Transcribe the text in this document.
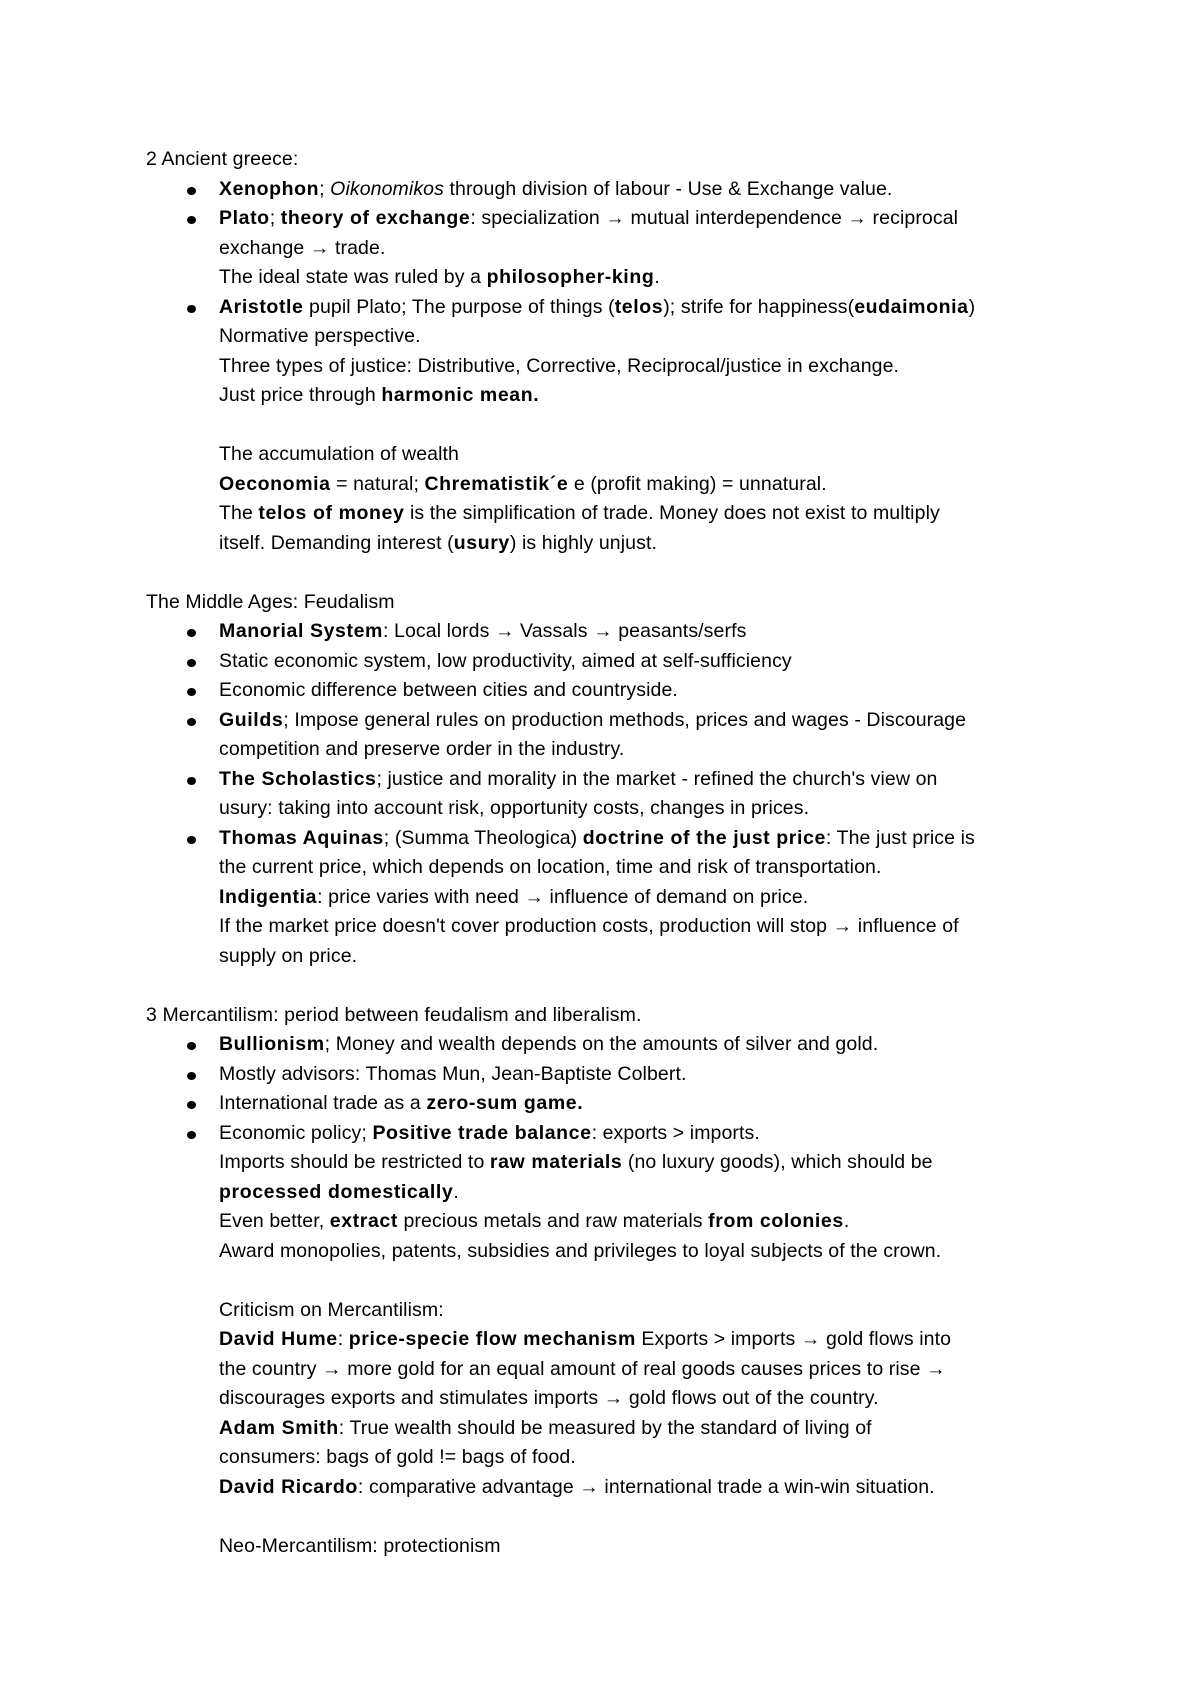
2 Ancient greece:
Xenophon; Oikonomikos through division of labour - Use & Exchange value.
Plato; theory of exchange: specialization → mutual interdependence → reciprocal
exchange → trade.
The ideal state was ruled by a philosopher-king.
Aristotle pupil Plato; The purpose of things (telos); strife for happiness(eudaimonia)
Normative perspective.
Three types of justice: Distributive, Corrective, Reciprocal/justice in exchange.
Just price through harmonic mean.
The accumulation of wealth
Oeconomia = natural; Chrematistik´e e (profit making) = unnatural.
The telos of money is the simplification of trade. Money does not exist to multiply
itself. Demanding interest (usury) is highly unjust.
The Middle Ages: Feudalism
Manorial System: Local lords → Vassals → peasants/serfs
Static economic system, low productivity, aimed at self-sufficiency
Economic difference between cities and countryside.
Guilds; Impose general rules on production methods, prices and wages - Discourage
competition and preserve order in the industry.
The Scholastics; justice and morality in the market - refined the church's view on
usury: taking into account risk, opportunity costs, changes in prices.
Thomas Aquinas; (Summa Theologica) doctrine of the just price: The just price is
the current price, which depends on location, time and risk of transportation.
Indigentia: price varies with need → influence of demand on price.
If the market price doesn't cover production costs, production will stop → influence of
supply on price.
3 Mercantilism: period between feudalism and liberalism.
Bullionism; Money and wealth depends on the amounts of silver and gold.
Mostly advisors: Thomas Mun, Jean-Baptiste Colbert.
International trade as a zero-sum game.
Economic policy; Positive trade balance: exports > imports.
Imports should be restricted to raw materials (no luxury goods), which should be
processed domestically.
Even better, extract precious metals and raw materials from colonies.
Award monopolies, patents, subsidies and privileges to loyal subjects of the crown.
Criticism on Mercantilism:
David Hume: price-specie flow mechanism Exports > imports → gold flows into
the country → more gold for an equal amount of real goods causes prices to rise →
discourages exports and stimulates imports → gold flows out of the country.
Adam Smith: True wealth should be measured by the standard of living of
consumers: bags of gold != bags of food.
David Ricardo: comparative advantage → international trade a win-win situation.
Neo-Mercantilism: protectionism
